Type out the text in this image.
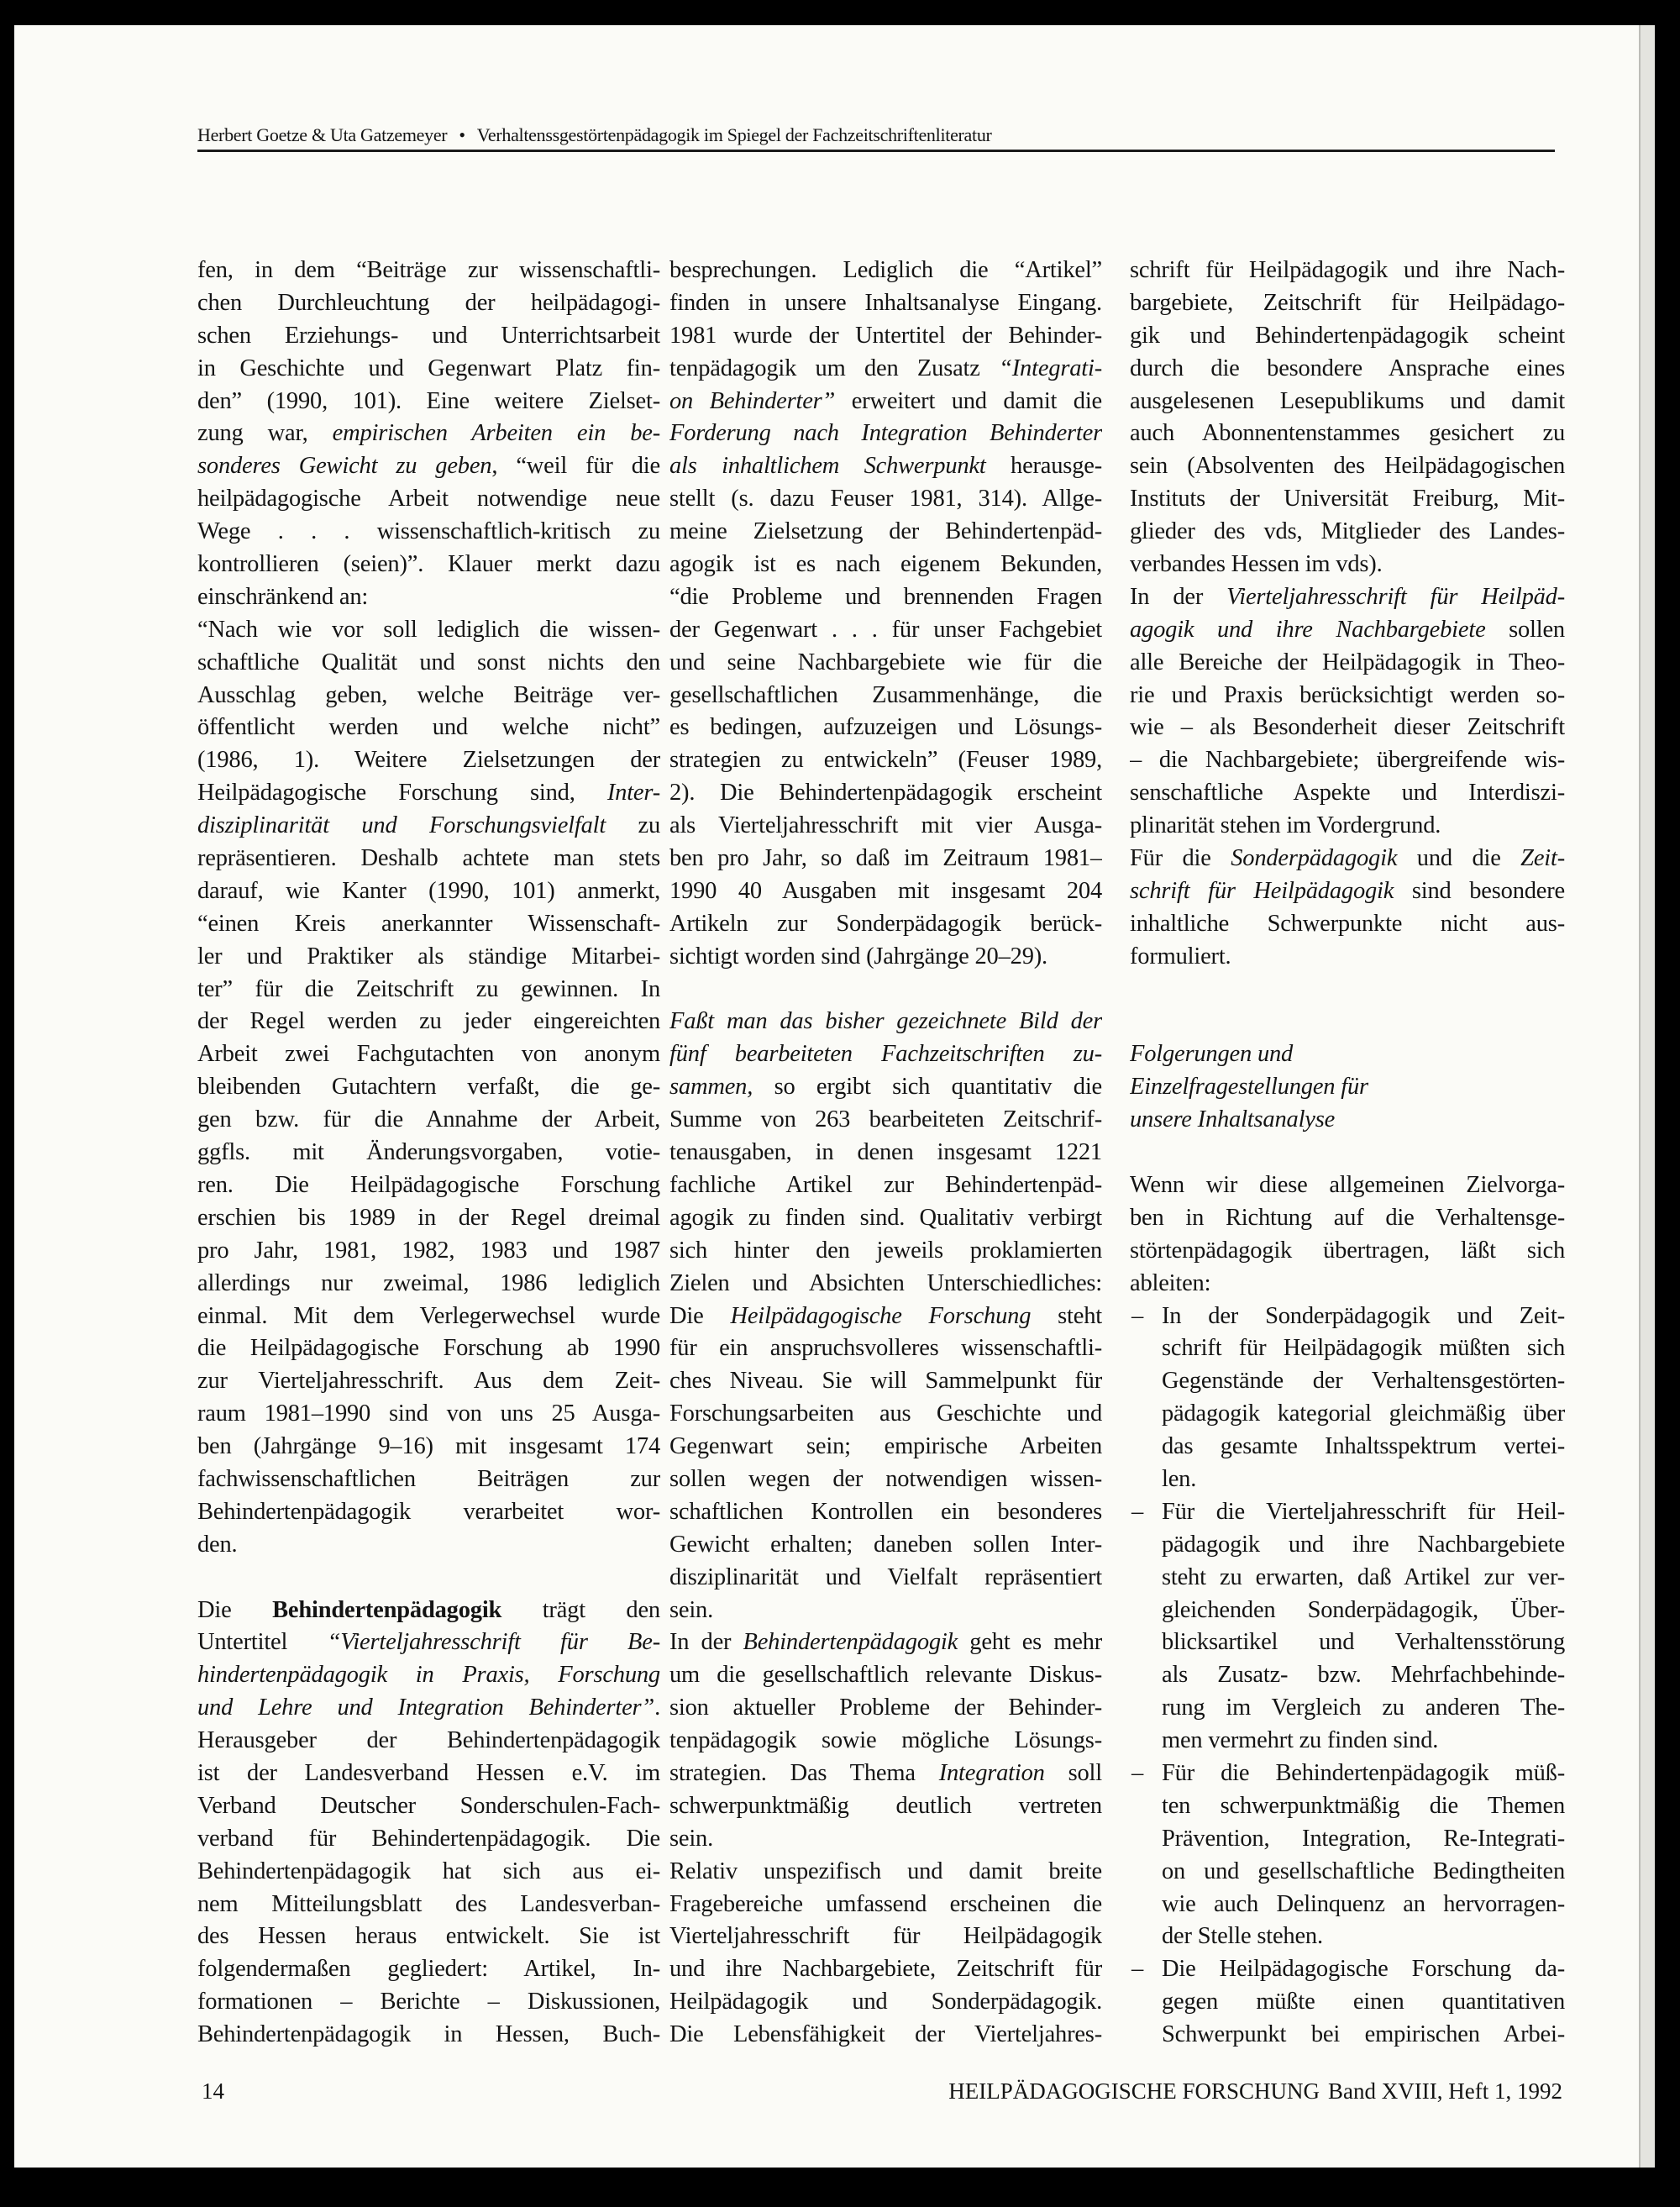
Herbert Goetze & Uta Gatzemeyer • Verhaltenssgestörtenpädagogik im Spiegel der Fachzeitschriftenliteratur
fen, in dem “Beiträge zur wissenschaftli-
chen Durchleuchtung der heilpädagogi-
schen Erziehungs- und Unterrichtsarbeit
in Geschichte und Gegenwart Platz fin-
den” (1990, 101). Eine weitere Zielset-
zung war, empirischen Arbeiten ein be-
sonderes Gewicht zu geben, “weil für die
heilpädagogische Arbeit notwendige neue
Wege . . . wissenschaftlich-kritisch zu
kontrollieren (seien)”. Klauer merkt dazu
einschränkend an:
“Nach wie vor soll lediglich die wissen-
schaftliche Qualität und sonst nichts den
Ausschlag geben, welche Beiträge ver-
öffentlicht werden und welche nicht”
(1986, 1). Weitere Zielsetzungen der
Heilpädagogische Forschung sind, Inter-
disziplinarität und Forschungsvielfalt zu
repräsentieren. Deshalb achtete man stets
darauf, wie Kanter (1990, 101) anmerkt,
“einen Kreis anerkannter Wissenschaft-
ler und Praktiker als ständige Mitarbei-
ter” für die Zeitschrift zu gewinnen. In
der Regel werden zu jeder eingereichten
Arbeit zwei Fachgutachten von anonym
bleibenden Gutachtern verfaßt, die ge-
gen bzw. für die Annahme der Arbeit,
ggfls. mit Änderungsvorgaben, votie-
ren. Die Heilpädagogische Forschung
erschien bis 1989 in der Regel dreimal
pro Jahr, 1981, 1982, 1983 und 1987
allerdings nur zweimal, 1986 lediglich
einmal. Mit dem Verlegerwechsel wurde
die Heilpädagogische Forschung ab 1990
zur Vierteljahresschrift. Aus dem Zeit-
raum 1981–1990 sind von uns 25 Ausga-
ben (Jahrgänge 9–16) mit insgesamt 174
fachwissenschaftlichen Beiträgen zur
Behindertenpädagogik verarbeitet wor-
den.
Die Behindertenpädagogik trägt den
Untertitel “Vierteljahresschrift für Be-
hindertenpädagogik in Praxis, Forschung
und Lehre und Integration Behinderter”.
Herausgeber der Behindertenpädagogik
ist der Landesverband Hessen e.V. im
Verband Deutscher Sonderschulen-Fach-
verband für Behindertenpädagogik. Die
Behindertenpädagogik hat sich aus ei-
nem Mitteilungsblatt des Landesverban-
des Hessen heraus entwickelt. Sie ist
folgendermaßen gegliedert: Artikel, In-
formationen – Berichte – Diskussionen,
Behindertenpädagogik in Hessen, Buch-
besprechungen. Lediglich die “Artikel”
finden in unsere Inhaltsanalyse Eingang.
1981 wurde der Untertitel der Behinder-
tenpädagogik um den Zusatz “Integrati-
on Behinderter” erweitert und damit die
Forderung nach Integration Behinderter
als inhaltlichem Schwerpunkt herausge-
stellt (s. dazu Feuser 1981, 314). Allge-
meine Zielsetzung der Behindertenpäd-
agogik ist es nach eigenem Bekunden,
“die Probleme und brennenden Fragen
der Gegenwart . . . für unser Fachgebiet
und seine Nachbargebiete wie für die
gesellschaftlichen Zusammenhänge, die
es bedingen, aufzuzeigen und Lösungs-
strategien zu entwickeln” (Feuser 1989,
2). Die Behindertenpädagogik erscheint
als Vierteljahresschrift mit vier Ausga-
ben pro Jahr, so daß im Zeitraum 1981–
1990 40 Ausgaben mit insgesamt 204
Artikeln zur Sonderpädagogik berück-
sichtigt worden sind (Jahrgänge 20–29).
Faßt man das bisher gezeichnete Bild der
fünf bearbeiteten Fachzeitschriften zu-
sammen, so ergibt sich quantitativ die
Summe von 263 bearbeiteten Zeitschrif-
tenausgaben, in denen insgesamt 1221
fachliche Artikel zur Behindertenpäd-
agogik zu finden sind. Qualitativ verbirgt
sich hinter den jeweils proklamierten
Zielen und Absichten Unterschiedliches:
Die Heilpädagogische Forschung steht
für ein anspruchsvolleres wissenschaftli-
ches Niveau. Sie will Sammelpunkt für
Forschungsarbeiten aus Geschichte und
Gegenwart sein; empirische Arbeiten
sollen wegen der notwendigen wissen-
schaftlichen Kontrollen ein besonderes
Gewicht erhalten; daneben sollen Inter-
disziplinarität und Vielfalt repräsentiert
sein.
In der Behindertenpädagogik geht es mehr
um die gesellschaftlich relevante Diskus-
sion aktueller Probleme der Behinder-
tenpädagogik sowie mögliche Lösungs-
strategien. Das Thema Integration soll
schwerpunktmäßig deutlich vertreten
sein.
Relativ unspezifisch und damit breite
Fragebereiche umfassend erscheinen die
Vierteljahresschrift für Heilpädagogik
und ihre Nachbargebiete, Zeitschrift für
Heilpädagogik und Sonderpädagogik.
Die Lebensfähigkeit der Vierteljahres-
schrift für Heilpädagogik und ihre Nach-
bargebiete, Zeitschrift für Heilpädago-
gik und Behindertenpädagogik scheint
durch die besondere Ansprache eines
ausgelesenen Lesepublikums und damit
auch Abonnentenstammes gesichert zu
sein (Absolventen des Heilpädagogischen
Instituts der Universität Freiburg, Mit-
glieder des vds, Mitglieder des Landes-
verbandes Hessen im vds).
In der Vierteljahresschrift für Heilpäd-
agogik und ihre Nachbargebiete sollen
alle Bereiche der Heilpädagogik in Theo-
rie und Praxis berücksichtigt werden so-
wie – als Besonderheit dieser Zeitschrift
– die Nachbargebiete; übergreifende wis-
senschaftliche Aspekte und Interdiszi-
plinarität stehen im Vordergrund.
Für die Sonderpädagogik und die Zeit-
schrift für Heilpädagogik sind besondere
inhaltliche Schwerpunkte nicht aus-
formuliert.
Folgerungen und
Einzelfragestellungen für
unsere Inhaltsanalyse
Wenn wir diese allgemeinen Zielvorga-
ben in Richtung auf die Verhaltensge-
störtenpädagogik übertragen, läßt sich
ableiten:
– In der Sonderpädagogik und Zeit-
schrift für Heilpädagogik müßten sich
Gegenstände der Verhaltensgestörten-
pädagogik kategorial gleichmäßig über
das gesamte Inhaltsspektrum vertei-
len.
– Für die Vierteljahresschrift für Heil-
pädagogik und ihre Nachbargebiete
steht zu erwarten, daß Artikel zur ver-
gleichenden Sonderpädagogik, Über-
blicksartikel und Verhaltensstörung
als Zusatz- bzw. Mehrfachbehinde-
rung im Vergleich zu anderen The-
men vermehrt zu finden sind.
– Für die Behindertenpädagogik müß-
ten schwerpunktmäßig die Themen
Prävention, Integration, Re-Integrati-
on und gesellschaftliche Bedingtheiten
wie auch Delinquenz an hervorragen-
der Stelle stehen.
– Die Heilpädagogische Forschung da-
gegen müßte einen quantitativen
Schwerpunkt bei empirischen Arbei-
14	HEILPÄDAGOGISCHE FORSCHUNG Band XVIII, Heft 1, 1992
